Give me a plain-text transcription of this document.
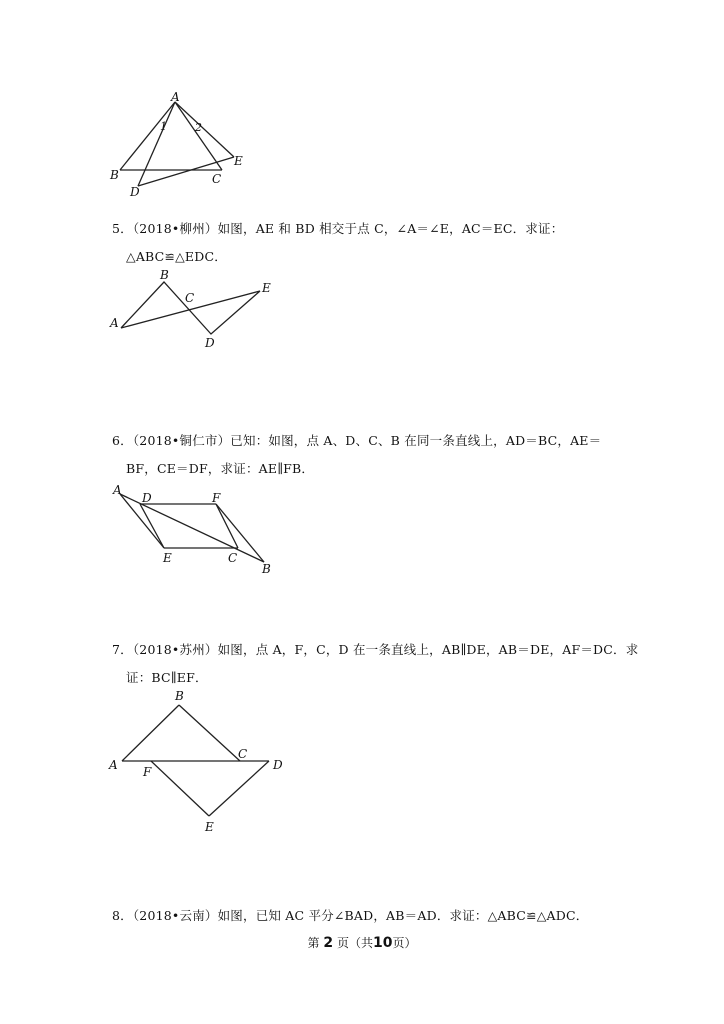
A
B	C
D
E
1	2
5．（2018•柳州）如图，AE 和 BD 相交于点 C，∠A＝∠E，AC＝EC．求证：
△ABC≌△EDC．
A
B
C
D
E
6．（2018•铜仁市）已知：如图，点 A、D、C、B 在同一条直线上，AD＝BC，AE＝
BF，CE＝DF，求证：AE∥FB．
A
D	F
E	C
B
7．（2018•苏州）如图，点 A，F，C，D 在一条直线上，AB∥DE，AB＝DE，AF＝DC．求
证：BC∥EF．
A
B
C
D
E
F
8．（2018•云南）如图，已知 AC 平分∠BAD，AB＝AD．求证：△ABC≌△ADC．
第 2 页（共10页）
